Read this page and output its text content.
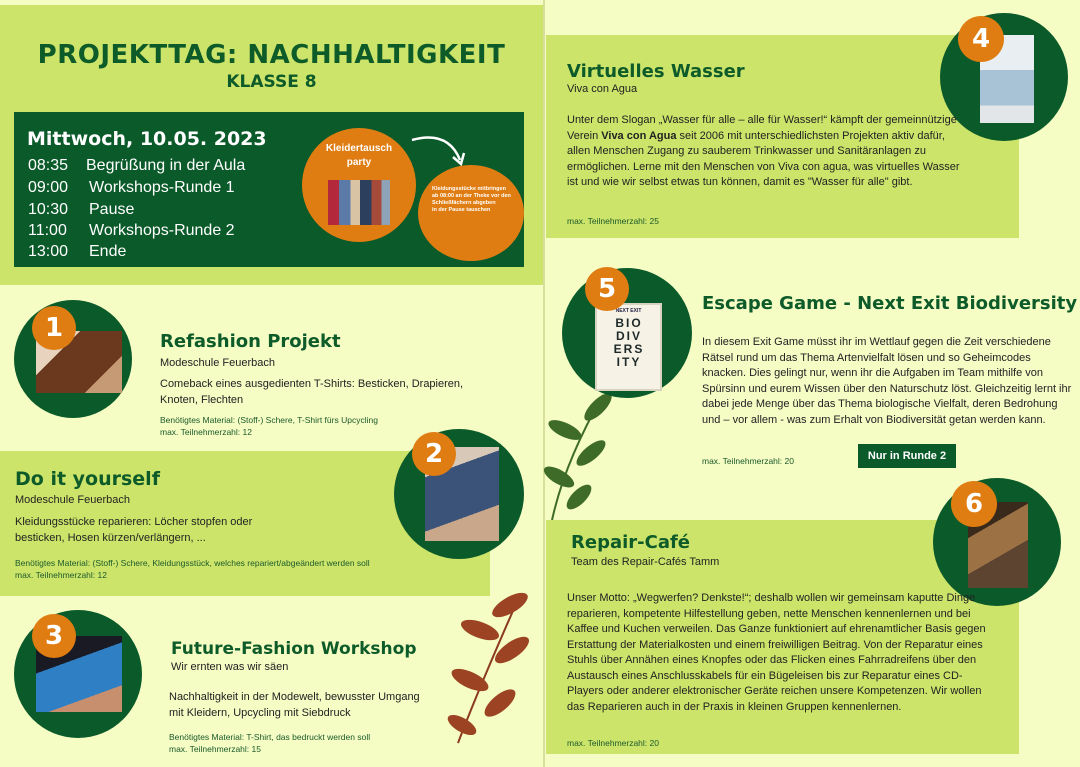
PROJEKTTAG: NACHHALTIGKEIT
KLASSE 8
Mittwoch, 10.05. 2023
08:35 Begrüßung in der Aula
09:00 Workshops-Runde 1
10:30 Pause
11:00 Workshops-Runde 2
13:00 Ende
Kleidertausch party
Kleidungsstücke mitbringen
ab 08:00 an der Theke vor den Schließfächern abgeben
in der Pause tauschen
1	Refashion Projekt
Modeschule Feuerbach
Comeback eines ausgedienten T-Shirts: Besticken, Drapieren, Knoten, Flechten
Benötigtes Material: (Stoff-) Schere, T-Shirt fürs Upcycling
max. Teilnehmerzahl: 12
2
Do it yourself
Modeschule Feuerbach
Kleidungsstücke reparieren: Löcher stopfen oder besticken, Hosen kürzen/verlängern, ...
Benötigtes Material: (Stoff-) Schere, Kleidungsstück, welches repariert/abgeändert werden soll
max. Teilnehmerzahl: 12
3	Future-Fashion Workshop
Wir ernten was wir säen
Nachhaltigkeit in der Modewelt, bewusster Umgang mit Kleidern, Upcycling mit Siebdruck
Benötigtes Material: T-Shirt, das bedruckt werden soll
max. Teilnehmerzahl: 15
4
Virtuelles Wasser
Viva con Agua
Unter dem Slogan „Wasser für alle – alle für Wasser!“ kämpft der gemeinnützige Verein Viva con Agua seit 2006 mit unterschiedlichsten Projekten aktiv dafür, allen Menschen Zugang zu sauberem Trinkwasser und Sanitäranlagen zu ermöglichen. Lerne mit den Menschen von Viva con agua, was virtuelles Wasser ist und wie wir selbst etwas tun können, damit es "Wasser für alle" gibt.
max. Teilnehmerzahl: 25
NEXT EXIT
BIO DIV ERS ITY
5	Escape Game - Next Exit Biodiversity
In diesem Exit Game müsst ihr im Wettlauf gegen die Zeit verschiedene Rätsel rund um das Thema Artenvielfalt lösen und so Geheimcodes knacken. Dies gelingt nur, wenn ihr die Aufgaben im Team mithilfe von Spürsinn und eurem Wissen über den Naturschutz löst. Gleichzeitig lernt ihr dabei jede Menge über das Thema biologische Vielfalt, deren Bedrohung und – vor allem - was zum Erhalt von Biodiversität getan werden kann.
max. Teilnehmerzahl: 20	Nur in Runde 2
6
Repair-Café
Team des Repair-Cafés Tamm
Unser Motto: „Wegwerfen? Denkste!“; deshalb wollen wir gemeinsam kaputte Dinge reparieren, kompetente Hilfestellung geben, nette Menschen kennenlernen und bei Kaffee und Kuchen verweilen. Das Ganze funktioniert auf ehrenamtlicher Basis gegen Erstattung der Materialkosten und einem freiwilligen Beitrag. Von der Reparatur eines Stuhls über Annähen eines Knopfes oder das Flicken eines Fahrradreifens über den Austausch eines Anschlusskabels für ein Bügeleisen bis zur Reparatur eines CD-Players oder anderer elektronischer Geräte reichen unsere Kompetenzen. Wir wollen das Reparieren auch in der Praxis in kleinen Gruppen kennenlernen.
max. Teilnehmerzahl: 20
